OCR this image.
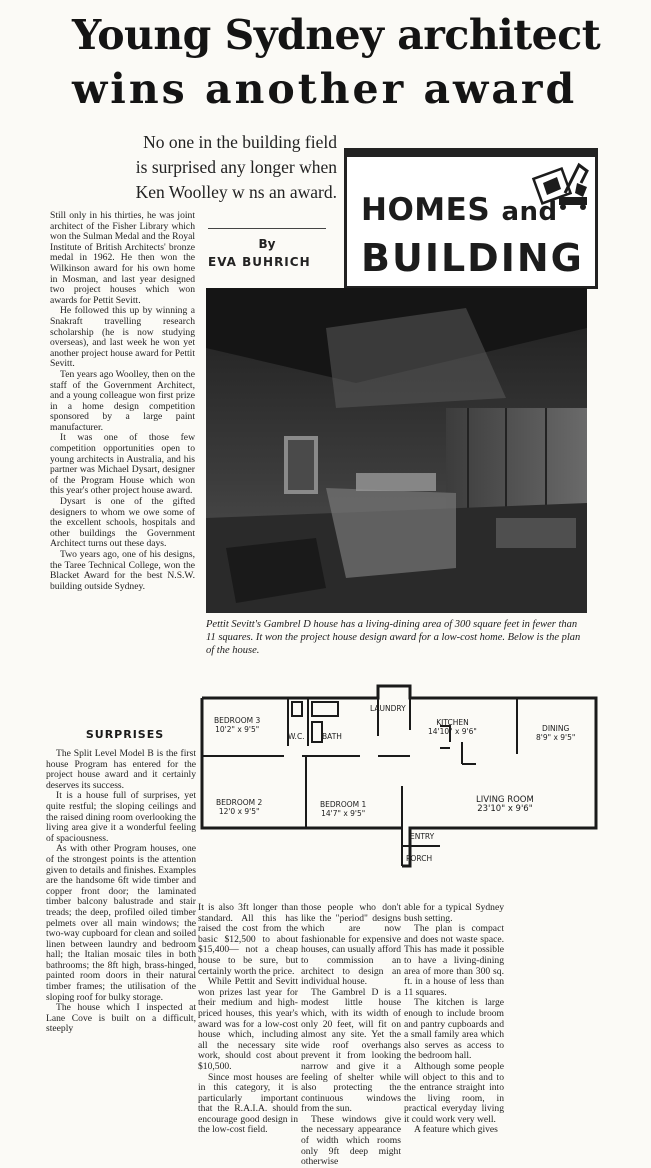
Young Sydney architect
wins another award
No one in the building field
is surprised any longer when
Ken Woolley w ns an award. HOMES and
BUILDING
By
EVA BUHRICH

Still only in his thirties, he was joint architect of the Fisher Library which won the Sulman Medal and the Royal Institute of British Architects' bronze medal in 1962. He then won the Wilkinson award for his own home in Mosman, and last year designed two project houses which won awards for Pettit Sevitt.

He followed this up by winning a Snakraft travelling research scholarship (he is now studying overseas), and last week he won yet another project house award for Pettit Sevitt.

Ten years ago Woolley, then on the staff of the Government Architect, and a young colleague won first prize in a home design competition sponsored by a large paint manufacturer.

It was one of those few competition opportunities open to young architects in Australia, and his partner was Michael Dysart, designer of the Program House which won this year's other project house award.

Dysart is one of the gifted designers to whom we owe some of the excellent schools, hospitals and other buildings the Government Architect turns out these days.

Two years ago, one of his designs, the Taree Technical College, won the Blacket Award for the best N.S.W. building outside Sydney.

SURPRISES

The Split Level Model B is the first house Program has entered for the project house award and it certainly deserves its success.

It is a house full of surprises, yet quite restful; the sloping ceilings and the raised dining room overlooking the living area give it a wonderful feeling of spaciousness.

As with other Program houses, one of the strongest points is the attention given to details and finishes. Examples are the handsome 6ft wide timber and copper front door; the laminated timber balcony balustrade and stair treads; the deep, profiled oiled timber pelmets over all main windows; the two-way cupboard for clean and soiled linen between laundry and bedroom hall; the Italian mosaic tiles in both bathrooms; the 8ft high, brass-hinged, painted room doors in their natural timber frames; the utilisation of the sloping roof for bulky storage.

The house which I inspected at Lane Cove is built on a difficult, steeply

Pettit Sevitt's Gambrel D house has a living-dining area of 300 square feet in fewer than 11 squares. It won the project house design award for a low-cost home. Below is the plan of the house.
BEDROOM 3
10'2" x 9'5"
W.C. BATH
LAUNDRY
KITCHEN
14'10" x 9'6"	DINING
8'9" x 9'5"
BEDROOM 2
12'0 x 9'5"
BEDROOM 1
14'7" x 9'5"
LIVING ROOM
23'10" x 9'6"
ENTRY
PORCH

It is also 3ft longer than standard. All this has raised the cost from the basic $12,500 to about $15,400— not a cheap house to be sure, but certainly worth the price.

While Pettit and Sevitt won prizes last year for their medium and high-priced houses, this year's award was for a low-cost house which, including all the necessary site work, should cost about $10,500.

Since most houses are in this category, it is particularly important that the R.A.I.A. should encourage good design in the low-cost field.

those people who don't like the "period" designs which are now fashionable for expensive houses, can usually afford to commission an architect to design an individual house.

The Gambrel D is a modest little house which, with its width of only 20 feet, will fit on almost any site. Yet the wide roof overhangs prevent it from looking narrow and give it a feeling of shelter while also protecting the continuous windows from the sun.

These windows give the necessary appearance of width which rooms only 9ft deep might otherwise

able for a typical Sydney bush setting.

The plan is compact and does not waste space. This has made it possible to have a living-dining area of more than 300 sq. ft. in a house of less than 11 squares.

The kitchen is large enough to include broom and pantry cupboards and a small family area which also serves as access to the bedroom hall.

Although some people will object to this and to the entrance straight into the living room, in practical everyday living it could work very well.

A feature which gives
